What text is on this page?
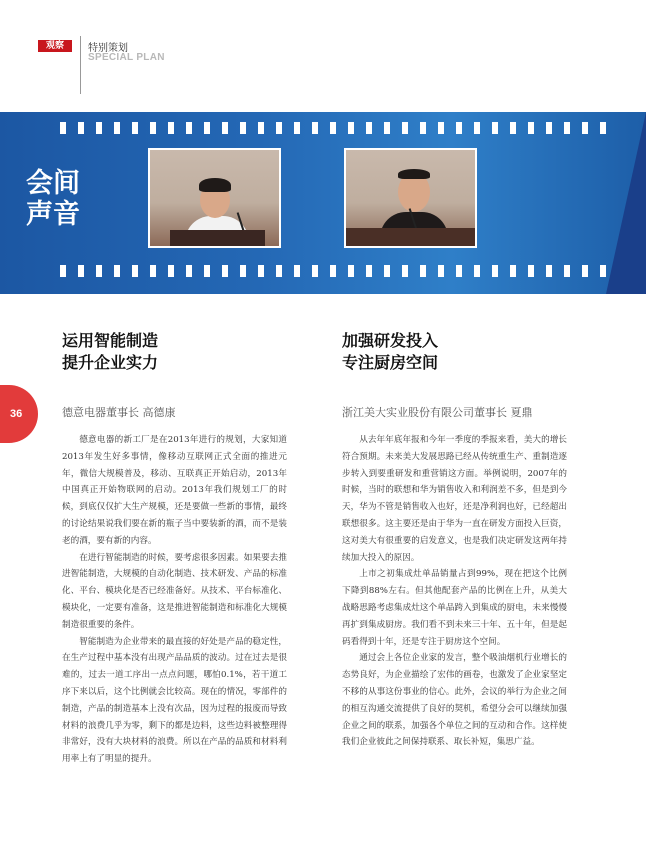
观察	特别策划
SPECIAL PLAN
会间
声音
36
运用智能制造
提升企业实力
德意电器董事长 高德康

德意电器的新工厂是在2013年进行的规划，大家知道2013年发生好多事情，像移动互联网正式全面的推进元年，微信大规模普及，移动、互联真正开始启动，2013年中国真正开始物联网的启动。2013年我们规划工厂的时候，到底仅仅扩大生产规模，还是要做一些新的事情，最终的讨论结果说我们要在新的瓶子当中要装新的酒，而不是装老的酒，要有新的内容。

在进行智能制造的时候，要考虑很多因素。如果要去推进智能制造，大规模的自动化制造、技术研发、产品的标准化、平台、模块化是否已经准备好。从技术、平台标准化、模块化，一定要有准备，这是推进智能制造和标准化大规模制造很重要的条件。

智能制造为企业带来的最直接的好处是产品的稳定性，在生产过程中基本没有出现产品品质的波动。过在过去是很难的，过去一道工序出一点点问题，哪怕0.1%，若干道工序下来以后，这个比例就会比较高。现在的情况，零部件的制造，产品的制造基本上没有次品，因为过程的报废而导致材料的浪费几乎为零，剩下的都是边料，这些边料被整理得非常好，没有大块材料的浪费。所以在产品的品质和材料利用率上有了明显的提升。

加强研发投入
专注厨房空间
浙江美大实业股份有限公司董事长 夏鼎

从去年年底年报和今年一季度的季报来看，美大的增长符合预期。未来美大发展思路已经从传统重生产、重制造逐步转入到要重研发和重营销这方面。举例说明，2007年的时候，当时的联想和华为销售收入和利润差不多，但是到今天，华为不管是销售收入也好，还是净利润也好，已经超出联想很多。这主要还是由于华为一直在研发方面投入巨资，这对美大有很重要的启发意义，也是我们决定研发这两年持续加大投入的原因。

上市之初集成灶单品销量占到99%，现在把这个比例下降到88%左右。但其他配套产品的比例在上升，从美大战略思路考虑集成灶这个单品跨入到集成的厨电，未来慢慢再扩到集成厨房。我们看不到未来三十年、五十年，但是起码看得到十年，还是专注于厨房这个空间。

通过会上各位企业家的发言，整个吸油烟机行业增长的态势良好，为企业描绘了宏伟的画卷，也激发了企业家坚定不移的从事这份事业的信心。此外，会议的举行为企业之间的相互沟通交流提供了良好的契机，希望分会可以继续加强企业之间的联系，加强各个单位之间的互动和合作。这样使我们企业彼此之间保持联系、取长补短，集思广益。
